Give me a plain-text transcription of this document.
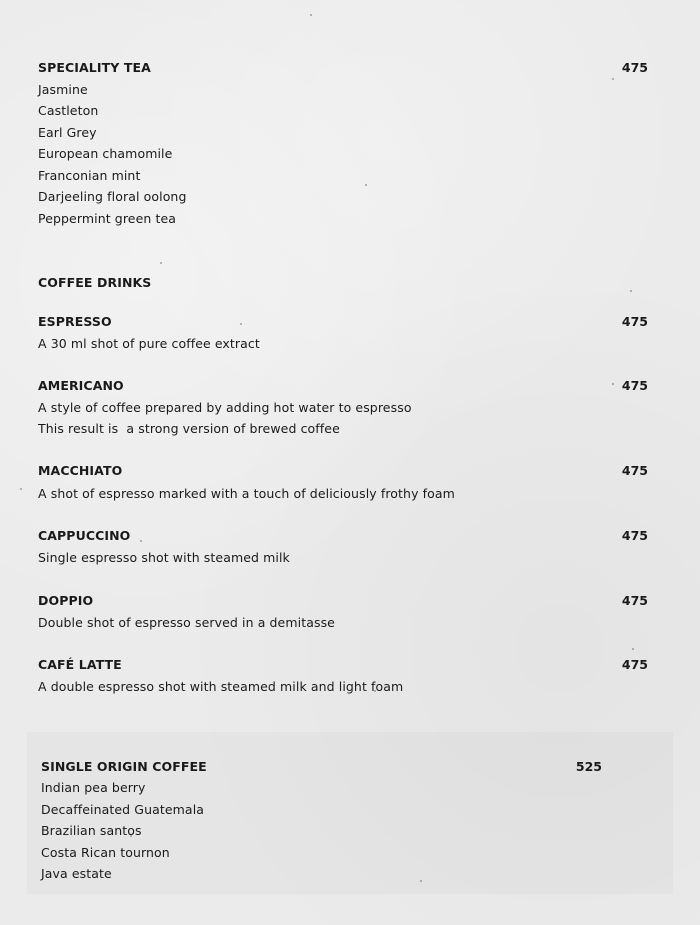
SPECIALITY TEA	475
Jasmine
Castleton
Earl Grey
European chamomile
Franconian mint
Darjeeling floral oolong
Peppermint green tea
COFFEE DRINKS
ESPRESSO	475
A 30 ml shot of pure coffee extract
AMERICANO	475
A style of coffee prepared by adding hot water to espresso
This result is  a strong version of brewed coffee
MACCHIATO	475
A shot of espresso marked with a touch of deliciously frothy foam
CAPPUCCINO	475
Single espresso shot with steamed milk
DOPPIO	475
Double shot of espresso served in a demitasse
CAFÉ LATTE	475
A double espresso shot with steamed milk and light foam
SINGLE ORIGIN COFFEE	525
Indian pea berry
Decaffeinated Guatemala
Brazilian santos
Costa Rican tournon
Java estate
